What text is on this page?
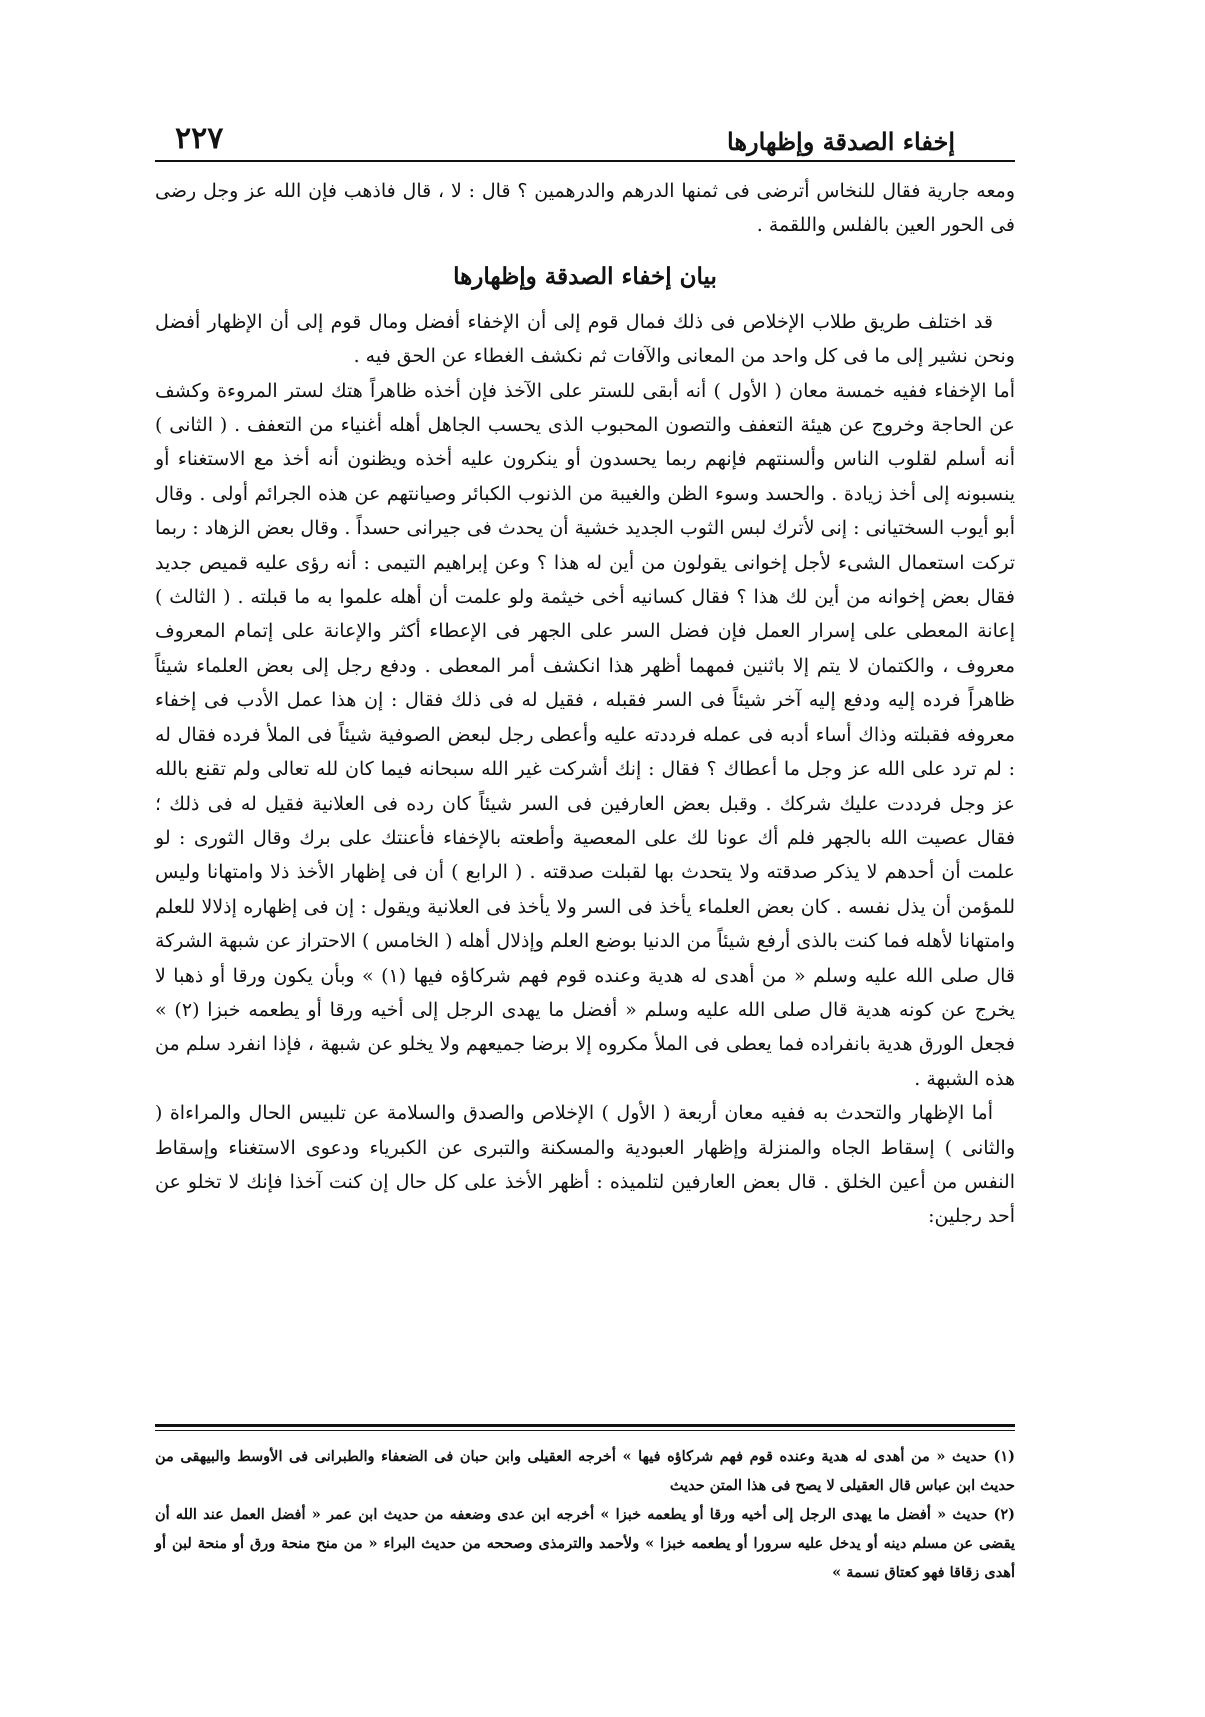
إخفاء الصدقة وإظهارها
٢٢٧

ومعه جارية فقال للنخاس أترضى فى ثمنها الدرهم والدرهمين ؟ قال : لا ، قال فاذهب فإن الله عز وجل رضى فى الحور العين بالفلس واللقمة .

بيان إخفاء الصدقة وإظهارها

قد اختلف طريق طلاب الإخلاص فى ذلك فمال قوم إلى أن الإخفاء أفضل ومال قوم إلى أن الإظهار أفضل ونحن نشير إلى ما فى كل واحد من المعانى والآفات ثم نكشف الغطاء عن الحق فيه .

أما الإخفاء ففيه خمسة معان ( الأول ) أنه أبقى للستر على الآخذ فإن أخذه ظاهراً هتك لستر المروءة وكشف عن الحاجة وخروج عن هيئة التعفف والتصون المحبوب الذى يحسب الجاهل أهله أغنياء من التعفف . ( الثانى ) أنه أسلم لقلوب الناس وألسنتهم فإنهم ربما يحسدون أو ينكرون عليه أخذه ويظنون أنه أخذ مع الاستغناء أو ينسبونه إلى أخذ زيادة . والحسد وسوء الظن والغيبة من الذنوب الكبائر وصيانتهم عن هذه الجرائم أولى . وقال أبو أيوب السختيانى : إنى لأترك لبس الثوب الجديد خشية أن يحدث فى جيرانى حسداً . وقال بعض الزهاد : ربما تركت استعمال الشىء لأجل إخوانى يقولون من أين له هذا ؟ وعن إبراهيم التيمى : أنه رؤى عليه قميص جديد فقال بعض إخوانه من أين لك هذا ؟ فقال كسانيه أخى خيثمة ولو علمت أن أهله علموا به ما قبلته . ( الثالث ) إعانة المعطى على إسرار العمل فإن فضل السر على الجهر فى الإعطاء أكثر والإعانة على إتمام المعروف معروف ، والكتمان لا يتم إلا باثنين فمهما أظهر هذا انكشف أمر المعطى . ودفع رجل إلى بعض العلماء شيئاً ظاهراً فرده إليه ودفع إليه آخر شيئاً فى السر فقبله ، فقيل له فى ذلك فقال : إن هذا عمل الأدب فى إخفاء معروفه فقبلته وذاك أساء أدبه فى عمله فرددته عليه وأعطى رجل لبعض الصوفية شيئاً فى الملأ فرده فقال له : لم ترد على الله عز وجل ما أعطاك ؟ فقال : إنك أشركت غير الله سبحانه فيما كان لله تعالى ولم تقنع بالله عز وجل فرددت عليك شركك . وقبل بعض العارفين فى السر شيئاً كان رده فى العلانية فقيل له فى ذلك ؛ فقال عصيت الله بالجهر فلم أك عونا لك على المعصية وأطعته بالإخفاء فأعنتك على برك وقال الثورى : لو علمت أن أحدهم لا يذكر صدقته ولا يتحدث بها لقبلت صدقته . ( الرابع ) أن فى إظهار الأخذ ذلا وامتهانا وليس للمؤمن أن يذل نفسه . كان بعض العلماء يأخذ فى السر ولا يأخذ فى العلانية ويقول : إن فى إظهاره إذلالا للعلم وامتهانا لأهله فما كنت بالذى أرفع شيئاً من الدنيا بوضع العلم وإذلال أهله ( الخامس ) الاحتراز عن شبهة الشركة قال صلى الله عليه وسلم « من أهدى له هدية وعنده قوم فهم شركاؤه فيها (١) » وبأن يكون ورقا أو ذهبا لا يخرج عن كونه هدية قال صلى الله عليه وسلم « أفضل ما يهدى الرجل إلى أخيه ورقا أو يطعمه خبزا (٢) » فجعل الورق هدية بانفراده فما يعطى فى الملأ مكروه إلا برضا جميعهم ولا يخلو عن شبهة ، فإذا انفرد سلم من هذه الشبهة .

أما الإظهار والتحدث به ففيه معان أربعة ( الأول ) الإخلاص والصدق والسلامة عن تلبيس الحال والمراءاة ( والثانى ) إسقاط الجاه والمنزلة وإظهار العبودية والمسكنة والتبرى عن الكبرياء ودعوى الاستغناء وإسقاط النفس من أعين الخلق . قال بعض العارفين لتلميذه : أظهر الأخذ على كل حال إن كنت آخذا فإنك لا تخلو عن أحد رجلين:

(١) حديث « من أهدى له هدية وعنده قوم فهم شركاؤه فيها » أخرجه العقيلى وابن حبان فى الضعفاء والطبرانى فى الأوسط والبيهقى من حديث ابن عباس قال العقيلى لا يصح فى هذا المتن حديث

(٢) حديث « أفضل ما يهدى الرجل إلى أخيه ورقا أو يطعمه خبزا » أخرجه ابن عدى وضعفه من حديث ابن عمر « أفضل العمل عند الله أن يقضى عن مسلم دينه أو يدخل عليه سرورا أو يطعمه خبزا » ولأحمد والترمذى وصححه من حديث البراء « من منح منحة ورق أو منحة لبن أو أهدى زقاقا فهو كعتاق نسمة »
